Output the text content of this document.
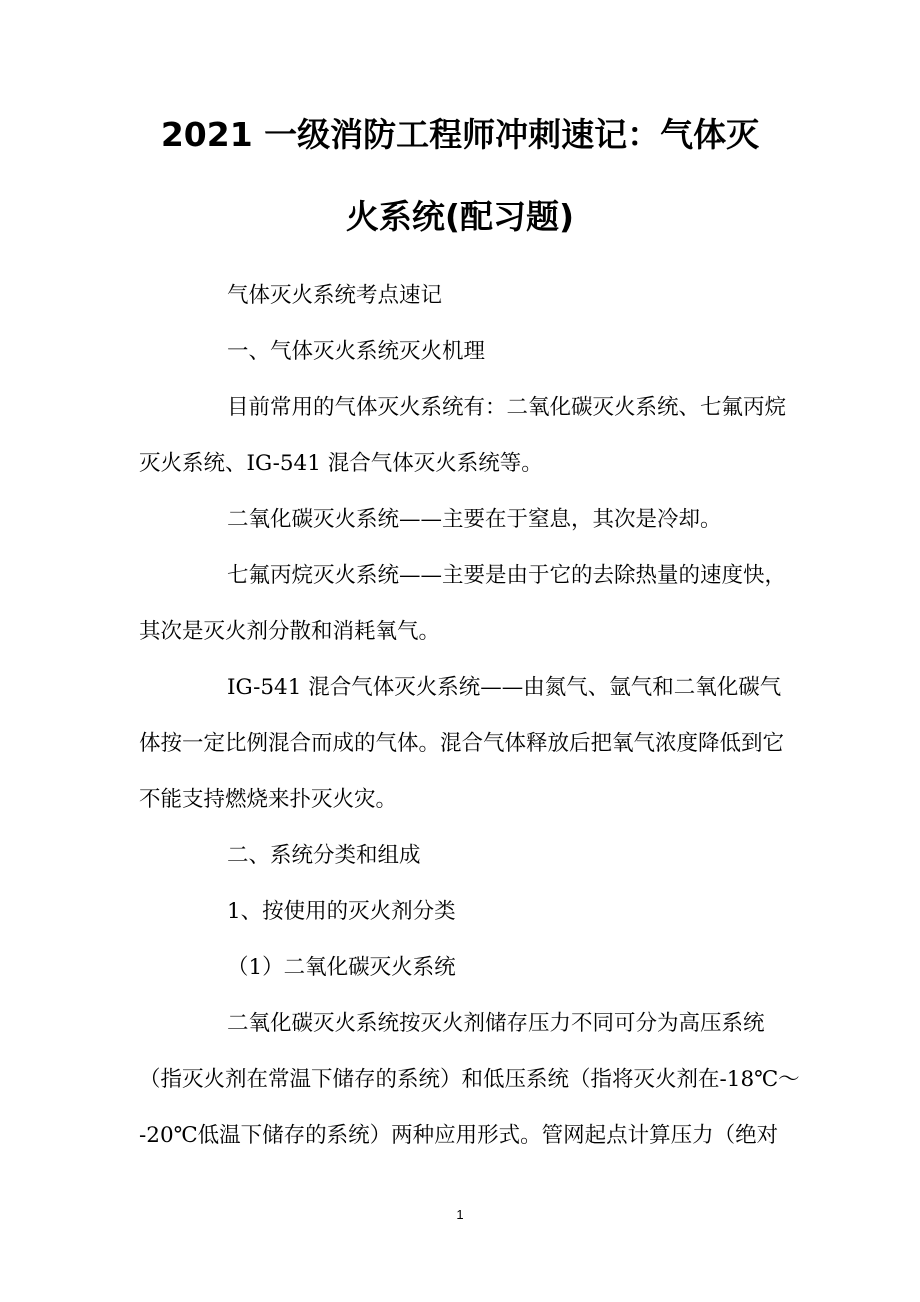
2021 一级消防工程师冲刺速记：气体灭
火系统(配习题)
气体灭火系统考点速记
一、气体灭火系统灭火机理
目前常用的气体灭火系统有：二氧化碳灭火系统、七氟丙烷
灭火系统、IG-541 混合气体灭火系统等。
二氧化碳灭火系统——主要在于窒息，其次是冷却。
七氟丙烷灭火系统——主要是由于它的去除热量的速度快，
其次是灭火剂分散和消耗氧气。
IG-541 混合气体灭火系统——由氮气、氩气和二氧化碳气
体按一定比例混合而成的气体。混合气体释放后把氧气浓度降低到它
不能支持燃烧来扑灭火灾。
二、系统分类和组成
1、按使用的灭火剂分类
（1）二氧化碳灭火系统
二氧化碳灭火系统按灭火剂储存压力不同可分为高压系统
（指灭火剂在常温下储存的系统）和低压系统（指将灭火剂在-18℃～
-20℃低温下储存的系统）两种应用形式。管网起点计算压力（绝对
1
